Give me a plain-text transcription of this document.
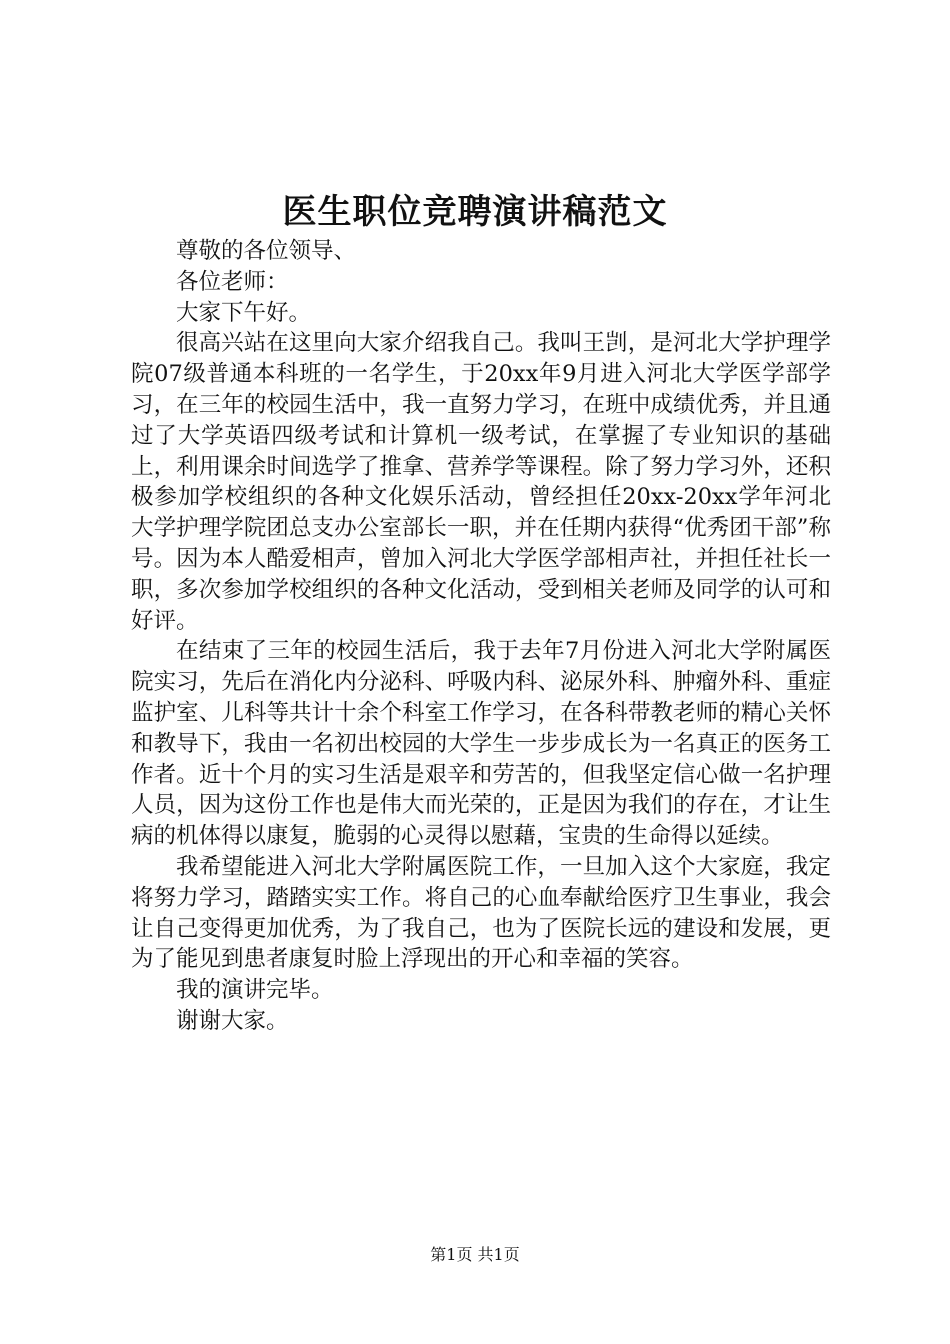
医生职位竞聘演讲稿范文

尊敬的各位领导、

各位老师：

大家下午好。

很高兴站在这里向大家介绍我自己。我叫王剀，是河北大学护理学院07级普通本科班的一名学生，于20xx年9月进入河北大学医学部学习，在三年的校园生活中，我一直努力学习，在班中成绩优秀，并且通过了大学英语四级考试和计算机一级考试，在掌握了专业知识的基础上，利用课余时间选学了推拿、营养学等课程。除了努力学习外，还积极参加学校组织的各种文化娱乐活动，曾经担任20xx-20xx学年河北大学护理学院团总支办公室部长一职，并在任期内获得“优秀团干部”称号。因为本人酷爱相声，曾加入河北大学医学部相声社，并担任社长一职，多次参加学校组织的各种文化活动，受到相关老师及同学的认可和好评。

在结束了三年的校园生活后，我于去年7月份进入河北大学附属医院实习，先后在消化内分泌科、呼吸内科、泌尿外科、肿瘤外科、重症监护室、儿科等共计十余个科室工作学习，在各科带教老师的精心关怀和教导下，我由一名初出校园的大学生一步步成长为一名真正的医务工作者。近十个月的实习生活是艰辛和劳苦的，但我坚定信心做一名护理人员，因为这份工作也是伟大而光荣的，正是因为我们的存在，才让生病的机体得以康复，脆弱的心灵得以慰藉，宝贵的生命得以延续。

我希望能进入河北大学附属医院工作，一旦加入这个大家庭，我定将努力学习，踏踏实实工作。将自己的心血奉献给医疗卫生事业，我会让自己变得更加优秀，为了我自己，也为了医院长远的建设和发展，更为了能见到患者康复时脸上浮现出的开心和幸福的笑容。

我的演讲完毕。

谢谢大家。

第1页 共1页
